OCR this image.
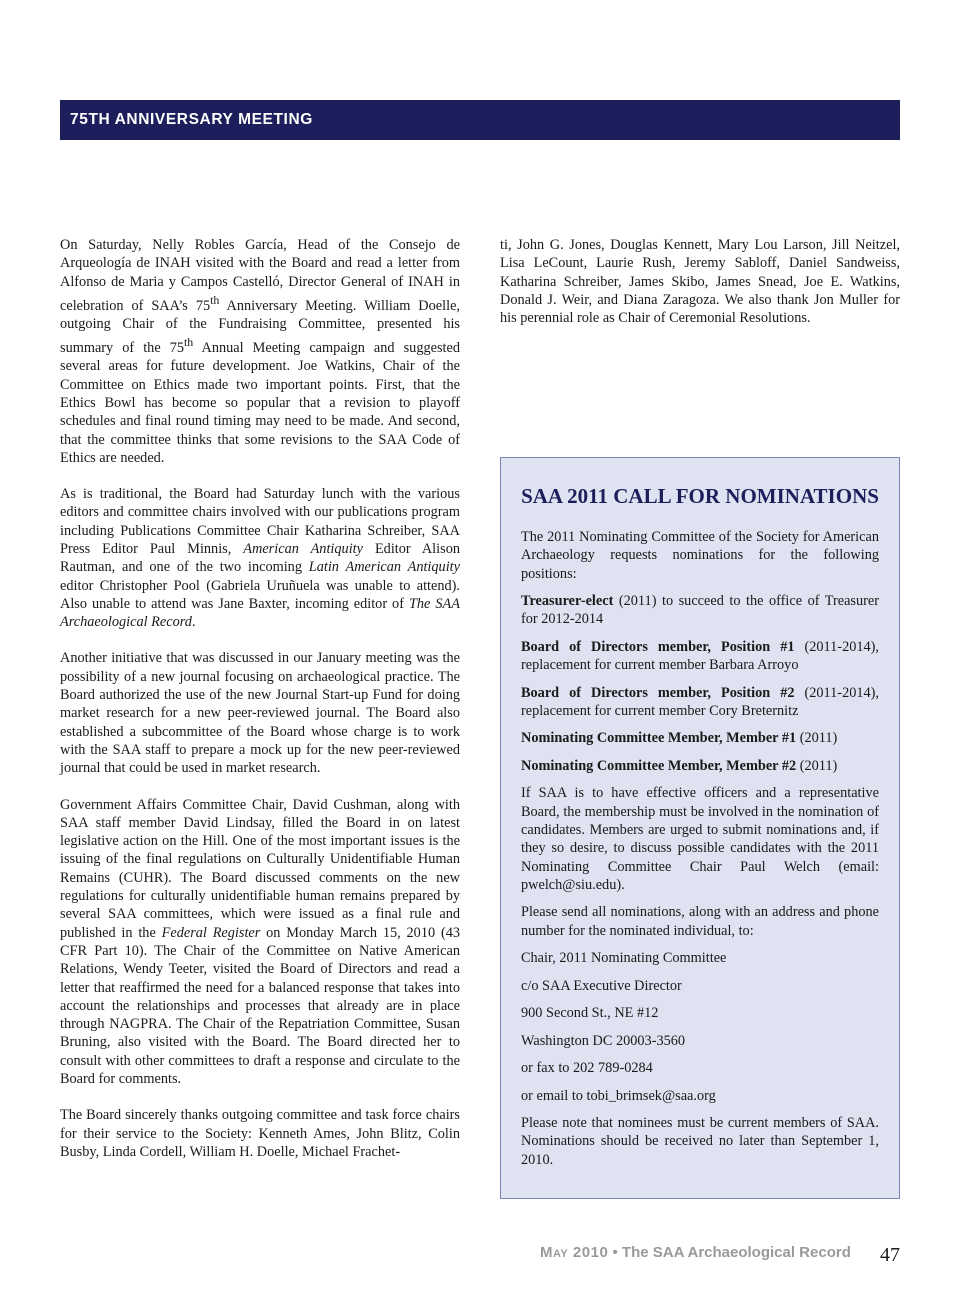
75TH ANNIVERSARY MEETING

On Saturday, Nelly Robles García, Head of the Consejo de Arqueología de INAH visited with the Board and read a letter from Alfonso de Maria y Campos Castelló, Director General of INAH in celebration of SAA’s 75th Anniversary Meeting. William Doelle, outgoing Chair of the Fundraising Committee, presented his summary of the 75th Annual Meeting campaign and suggested several areas for future development. Joe Watkins, Chair of the Committee on Ethics made two important points. First, that the Ethics Bowl has become so popular that a revision to playoff schedules and final round timing may need to be made. And second, that the committee thinks that some revisions to the SAA Code of Ethics are needed.

As is traditional, the Board had Saturday lunch with the various editors and committee chairs involved with our publications program including Publications Committee Chair Katharina Schreiber, SAA Press Editor Paul Minnis, American Antiquity Editor Alison Rautman, and one of the two incoming Latin American Antiquity editor Christopher Pool (Gabriela Uruñuela was unable to attend). Also unable to attend was Jane Baxter, incoming editor of The SAA Archaeological Record.

Another initiative that was discussed in our January meeting was the possibility of a new journal focusing on archaeological practice. The Board authorized the use of the new Journal Start-up Fund for doing market research for a new peer-reviewed journal. The Board also established a subcommittee of the Board whose charge is to work with the SAA staff to prepare a mock up for the new peer-reviewed journal that could be used in market research.

Government Affairs Committee Chair, David Cushman, along with SAA staff member David Lindsay, filled the Board in on latest legislative action on the Hill. One of the most important issues is the issuing of the final regulations on Culturally Unidentifiable Human Remains (CUHR). The Board discussed comments on the new regulations for culturally unidentifiable human remains prepared by several SAA committees, which were issued as a final rule and published in the Federal Register on Monday March 15, 2010 (43 CFR Part 10). The Chair of the Committee on Native American Relations, Wendy Teeter, visited the Board of Directors and read a letter that reaffirmed the need for a balanced response that takes into account the relationships and processes that already are in place through NAGPRA. The Chair of the Repatriation Committee, Susan Bruning, also visited with the Board. The Board directed her to consult with other committees to draft a response and circulate to the Board for comments.

The Board sincerely thanks outgoing committee and task force chairs for their service to the Society: Kenneth Ames, John Blitz, Colin Busby, Linda Cordell, William H. Doelle, Michael Frachet-

ti, John G. Jones, Douglas Kennett, Mary Lou Larson, Jill Neitzel, Lisa LeCount, Laurie Rush, Jeremy Sabloff, Daniel Sandweiss, Katharina Schreiber, James Skibo, James Snead, Joe E. Watkins, Donald J. Weir, and Diana Zaragoza. We also thank Jon Muller for his perennial role as Chair of Ceremonial Resolutions.

SAA 2011 CALL FOR NOMINATIONS

The 2011 Nominating Committee of the Society for American Archaeology requests nominations for the following positions:

Treasurer-elect (2011) to succeed to the office of Treasurer for 2012-2014

Board of Directors member, Position #1 (2011-2014), replacement for current member Barbara Arroyo

Board of Directors member, Position #2 (2011-2014), replacement for current member Cory Breternitz

Nominating Committee Member, Member #1 (2011)

Nominating Committee Member, Member #2 (2011)

If SAA is to have effective officers and a representative Board, the membership must be involved in the nomination of candidates. Members are urged to submit nominations and, if they so desire, to discuss possible candidates with the 2011 Nominating Committee Chair Paul Welch (email: pwelch@siu.edu).

Please send all nominations, along with an address and phone number for the nominated individual, to:

Chair, 2011 Nominating Committee

c/o SAA Executive Director

900 Second St., NE #12

Washington DC 20003-3560

or fax to 202 789-0284

or email to tobi_brimsek@saa.org

Please note that nominees must be current members of SAA. Nominations should be received no later than September 1, 2010.

May 2010 • The SAA Archaeological Record 47
